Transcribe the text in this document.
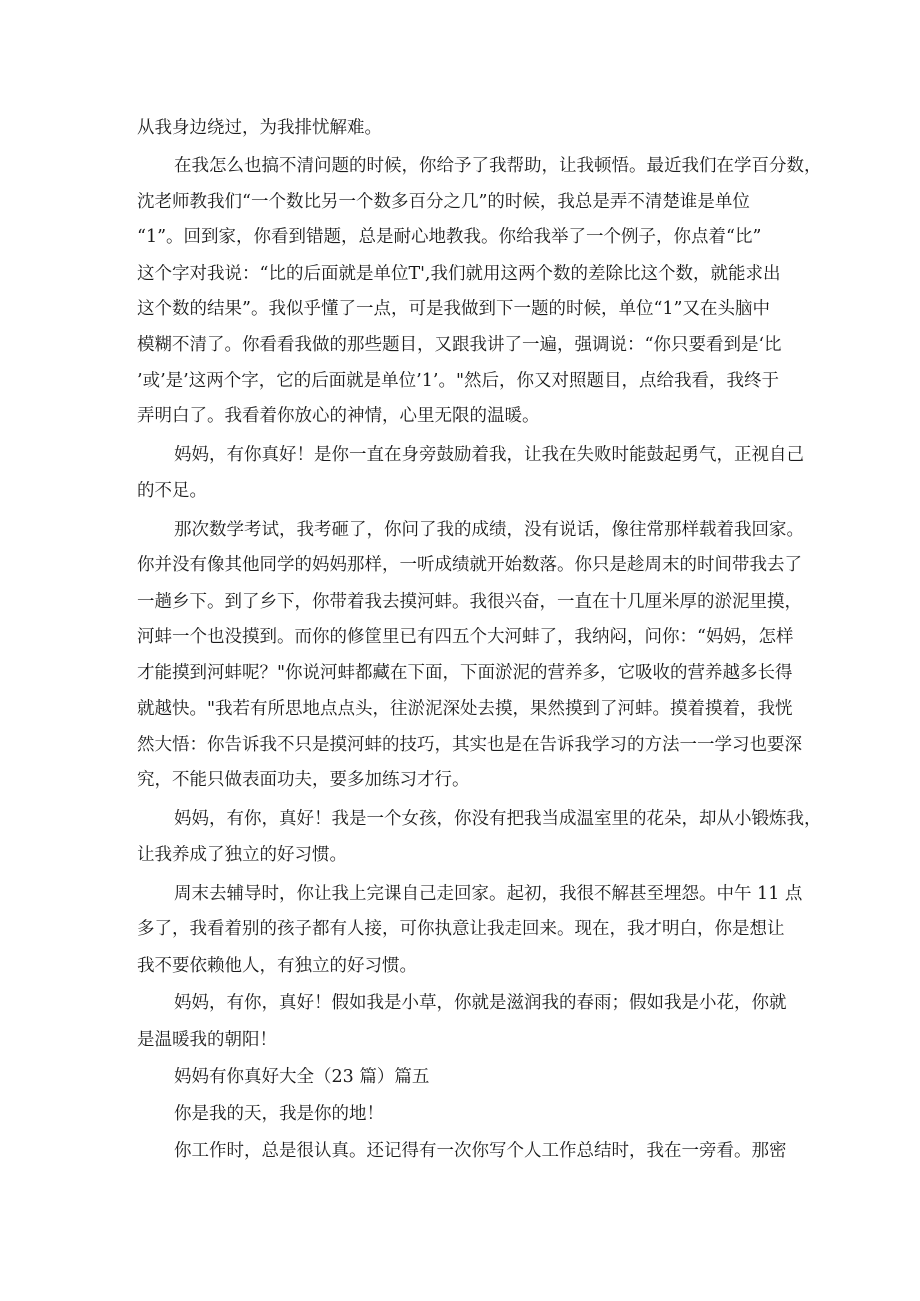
从我身边绕过，为我排忧解难。

在我怎么也搞不清问题的时候，你给予了我帮助，让我顿悟。最近我们在学百分数，

沈老师教我们“一个数比另一个数多百分之几”的时候，我总是弄不清楚谁是单位

“1”。回到家，你看到错题，总是耐心地教我。你给我举了一个例子，你点着“比”

这个字对我说：“比的后面就是单位T',我们就用这两个数的差除比这个数，就能求出

这个数的结果”。我似乎懂了一点，可是我做到下一题的时候，单位“1”又在头脑中

模糊不清了。你看看我做的那些题目，又跟我讲了一遍，强调说：“你只要看到是‘比

’或’是’这两个字，它的后面就是单位’1’。"然后，你又对照题目，点给我看，我终于

弄明白了。我看着你放心的神情，心里无限的温暖。

妈妈，有你真好！是你一直在身旁鼓励着我，让我在失败时能鼓起勇气，正视自己

的不足。

那次数学考试，我考砸了，你问了我的成绩，没有说话，像往常那样载着我回家。

你并没有像其他同学的妈妈那样，一听成绩就开始数落。你只是趁周末的时间带我去了

一趟乡下。到了乡下，你带着我去摸河蚌。我很兴奋，一直在十几厘米厚的淤泥里摸，

河蚌一个也没摸到。而你的修筐里已有四五个大河蚌了，我纳闷，问你：“妈妈，怎样

才能摸到河蚌呢？"你说河蚌都藏在下面，下面淤泥的营养多，它吸收的营养越多长得

就越快。"我若有所思地点点头，往淤泥深处去摸，果然摸到了河蚌。摸着摸着，我恍

然大悟：你告诉我不只是摸河蚌的技巧，其实也是在告诉我学习的方法一一学习也要深

究，不能只做表面功夫，要多加练习才行。

妈妈，有你，真好！我是一个女孩，你没有把我当成温室里的花朵，却从小锻炼我，

让我养成了独立的好习惯。

周末去辅导时，你让我上完课自己走回家。起初，我很不解甚至埋怨。中午 11 点

多了，我看着别的孩子都有人接，可你执意让我走回来。现在，我才明白，你是想让

我不要依赖他人，有独立的好习惯。

妈妈，有你，真好！假如我是小草，你就是滋润我的春雨；假如我是小花，你就

是温暖我的朝阳！

妈妈有你真好大全（23 篇）篇五

你是我的天，我是你的地！

你工作时，总是很认真。还记得有一次你写个人工作总结时，我在一旁看。那密
